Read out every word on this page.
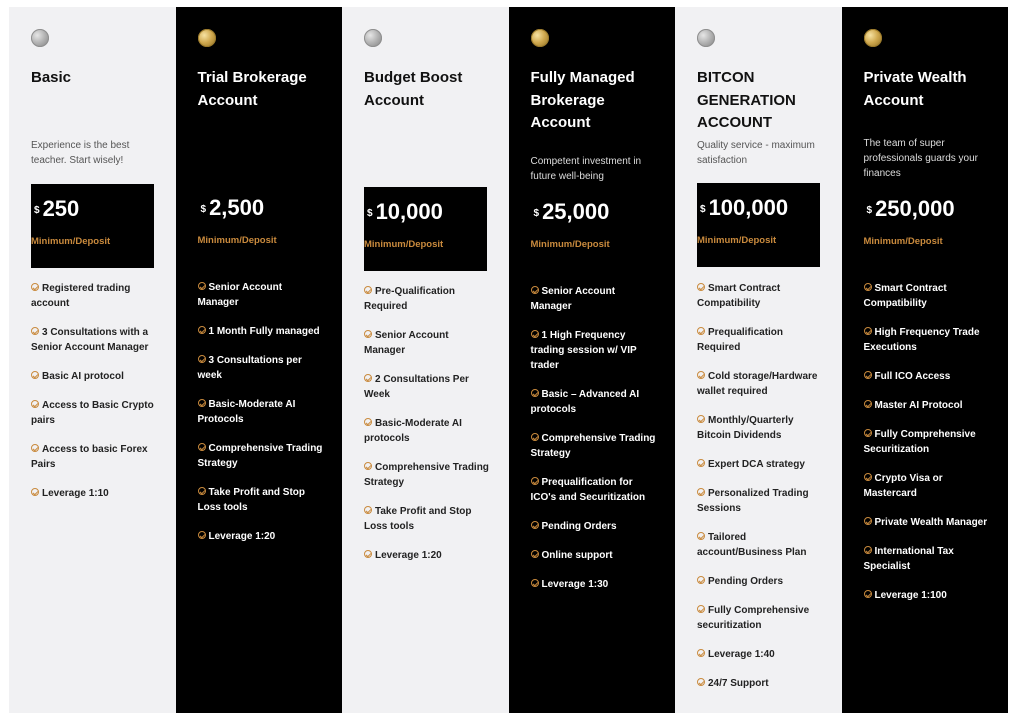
Basic
Experience is the best teacher. Start wisely!
$ 250
Minimum/Deposit
Registered trading account
3 Consultations with a Senior Account Manager
Basic AI protocol
Access to Basic Crypto pairs
Access to basic Forex Pairs
Leverage 1:10
Trial Brokerage Account
$ 2,500
Minimum/Deposit
Senior Account Manager
1 Month Fully managed
3 Consultations per week
Basic-Moderate AI Protocols
Comprehensive Trading Strategy
Take Profit and Stop Loss tools
Leverage 1:20
Budget Boost Account
$ 10,000
Minimum/Deposit
Pre-Qualification Required
Senior Account Manager
2 Consultations Per Week
Basic-Moderate AI protocols
Comprehensive Trading Strategy
Take Profit and Stop Loss tools
Leverage 1:20
Fully Managed Brokerage Account
Competent investment in future well-being
$ 25,000
Minimum/Deposit
Senior Account Manager
1 High Frequency trading session w/ VIP trader
Basic – Advanced AI protocols
Comprehensive Trading Strategy
Prequalification for ICO's and Securitization
Pending Orders
Online support
Leverage 1:30
BITCON GENERATION ACCOUNT
Quality service - maximum satisfaction
$ 100,000
Minimum/Deposit
Smart Contract Compatibility
Prequalification Required
Cold storage/Hardware wallet required
Monthly/Quarterly Bitcoin Dividends
Expert DCA strategy
Personalized Trading Sessions
Tailored account/Business Plan
Pending Orders
Fully Comprehensive securitization
Leverage 1:40
24/7 Support
Private Wealth Account
The team of super professionals guards your finances
$ 250,000
Minimum/Deposit
Smart Contract Compatibility
High Frequency Trade Executions
Full ICO Access
Master AI Protocol
Fully Comprehensive Securitization
Crypto Visa or Mastercard
Private Wealth Manager
International Tax Specialist
Leverage 1:100
